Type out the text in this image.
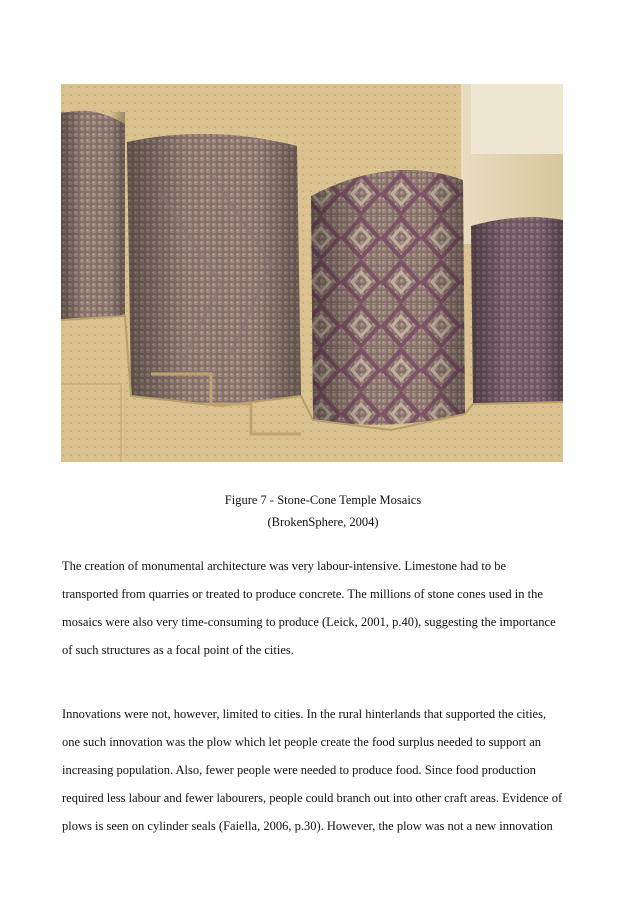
Figure 7 - Stone-Cone Temple Mosaics
(BrokenSphere, 2004)
The creation of monumental architecture was very labour-intensive. Limestone had to be
transported from quarries or treated to produce concrete. The millions of stone cones used in the
mosaics were also very time-consuming to produce (Leick, 2001, p.40), suggesting the importance
of such structures as a focal point of the cities.
Innovations were not, however, limited to cities. In the rural hinterlands that supported the cities,
one such innovation was the plow which let people create the food surplus needed to support an
increasing population. Also, fewer people were needed to produce food. Since food production
required less labour and fewer labourers, people could branch out into other craft areas. Evidence of
plows is seen on cylinder seals (Faiella, 2006, p.30). However, the plow was not a new innovation
